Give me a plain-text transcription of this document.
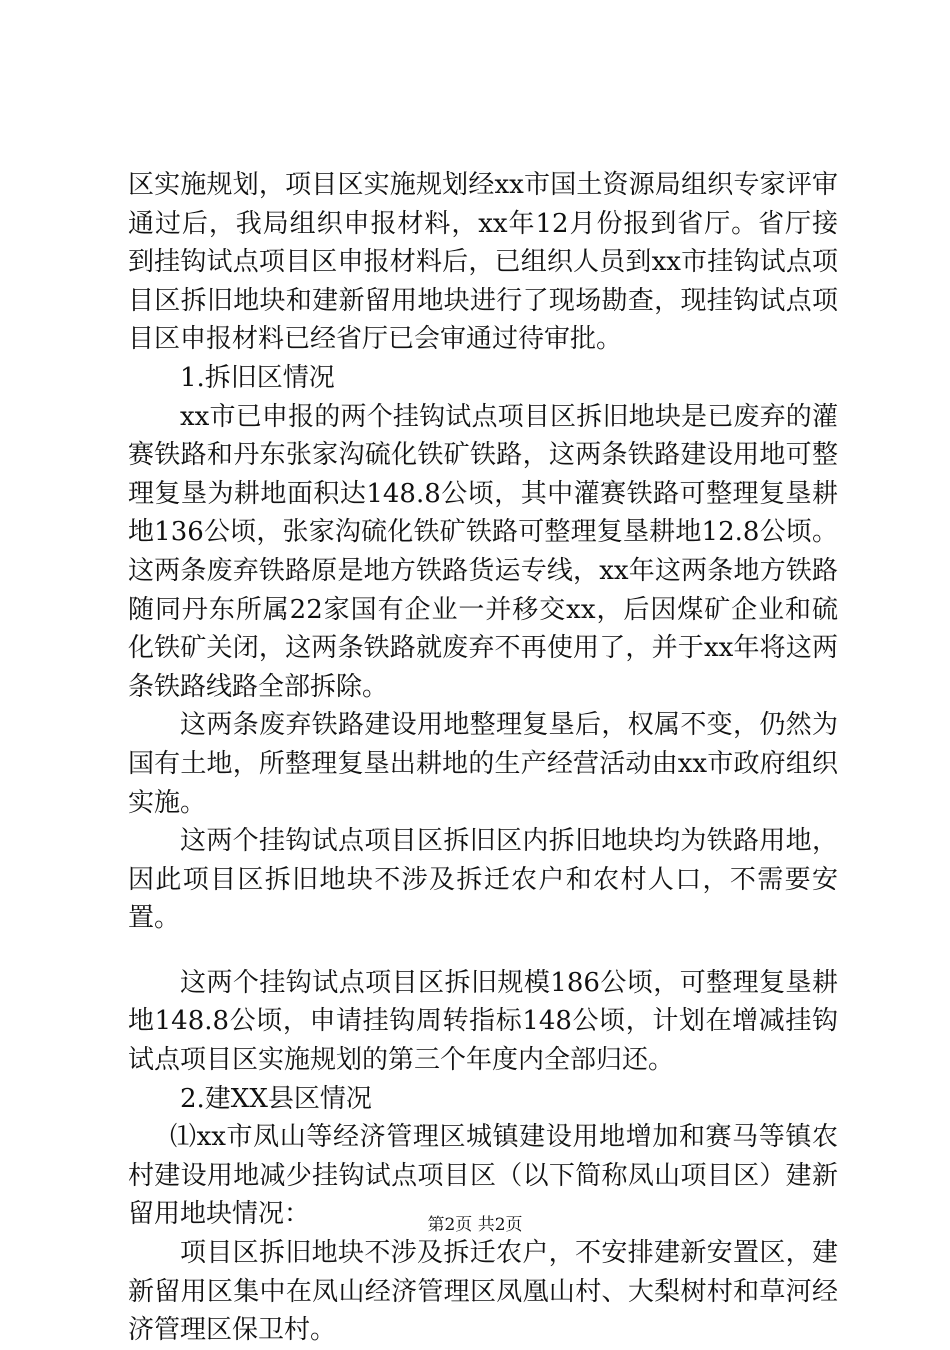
区实施规划，项目区实施规划经xx市国土资源局组织专家评审通过后，我局组织申报材料，xx年12月份报到省厅。省厅接到挂钩试点项目区申报材料后，已组织人员到xx市挂钩试点项目区拆旧地块和建新留用地块进行了现场勘查，现挂钩试点项目区申报材料已经省厅已会审通过待审批。

1.拆旧区情况

xx市已申报的两个挂钩试点项目区拆旧地块是已废弃的灌赛铁路和丹东张家沟硫化铁矿铁路，这两条铁路建设用地可整理复垦为耕地面积达148.8公顷，其中灌赛铁路可整理复垦耕地136公顷，张家沟硫化铁矿铁路可整理复垦耕地12.8公顷。这两条废弃铁路原是地方铁路货运专线，xx年这两条地方铁路随同丹东所属22家国有企业一并移交xx，后因煤矿企业和硫化铁矿关闭，这两条铁路就废弃不再使用了，并于xx年将这两条铁路线路全部拆除。

这两条废弃铁路建设用地整理复垦后，权属不变，仍然为国有土地，所整理复垦出耕地的生产经营活动由xx市政府组织实施。

这两个挂钩试点项目区拆旧区内拆旧地块均为铁路用地，因此项目区拆旧地块不涉及拆迁农户和农村人口，不需要安置。

这两个挂钩试点项目区拆旧规模186公顷，可整理复垦耕地148.8公顷，申请挂钩周转指标148公顷，计划在增减挂钩试点项目区实施规划的第三个年度内全部归还。

2.建XX县区情况

⑴xx市凤山等经济管理区城镇建设用地增加和赛马等镇农村建设用地减少挂钩试点项目区（以下简称凤山项目区）建新留用地块情况：

项目区拆旧地块不涉及拆迁农户，不安排建新安置区，建新留用区集中在凤山经济管理区凤凰山村、大梨树村和草河经济管理区保卫村。

第2页 共2页
